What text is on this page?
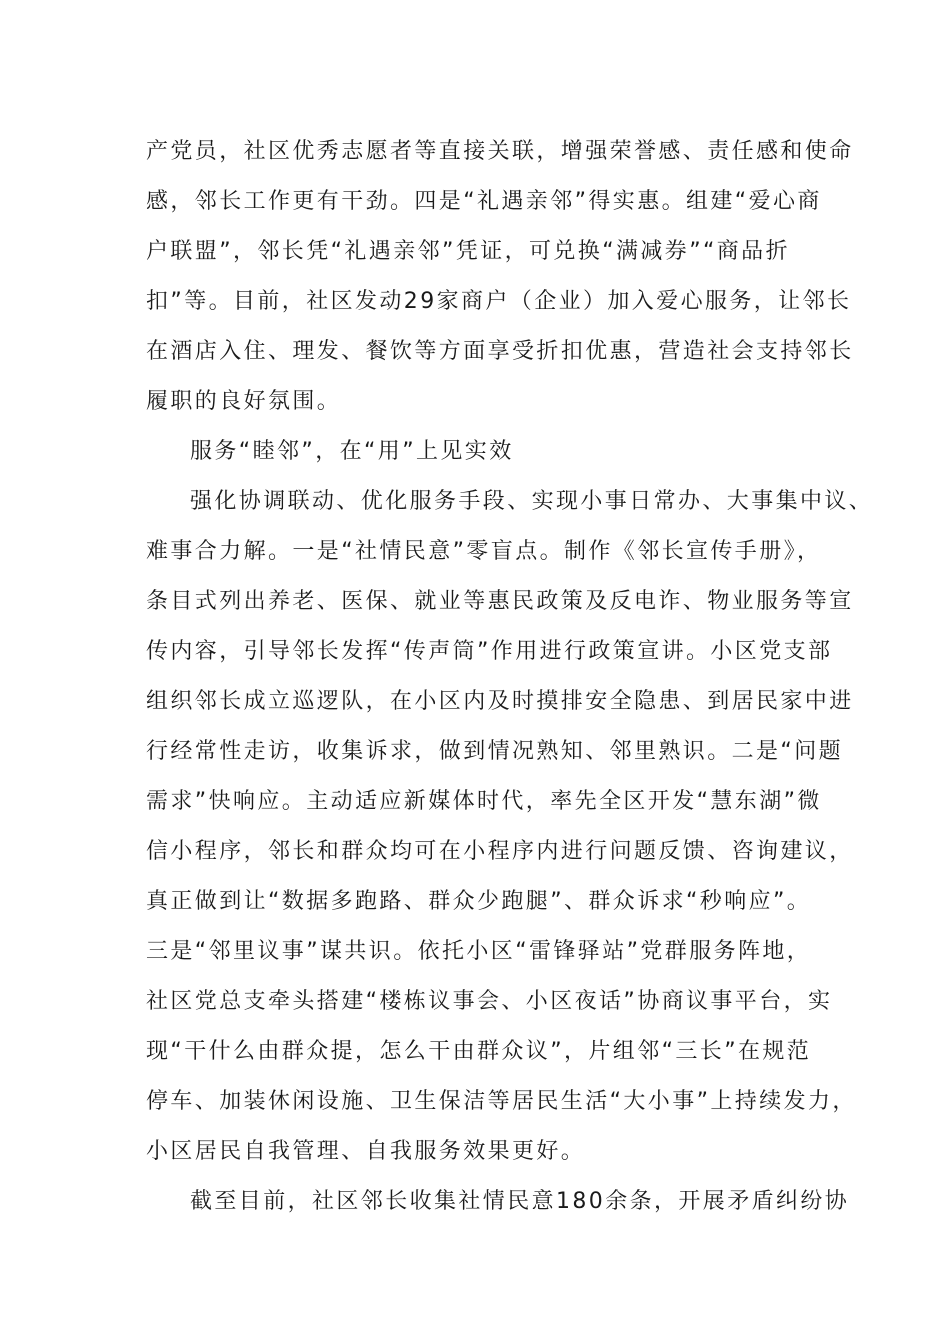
产党员，社区优秀志愿者等直接关联，增强荣誉感、责任感和使命
感，邻长工作更有干劲。四是“礼遇亲邻”得实惠。组建“爱心商
户联盟”，邻长凭“礼遇亲邻”凭证，可兑换“满减券”“商品折
扣”等。目前，社区发动29家商户（企业）加入爱心服务，让邻长
在酒店入住、理发、餐饮等方面享受折扣优惠，营造社会支持邻长
履职的良好氛围。
服务“睦邻”，在“用”上见实效
强化协调联动、优化服务手段、实现小事日常办、大事集中议、
难事合力解。一是“社情民意”零盲点。制作《邻长宣传手册》，
条目式列出养老、医保、就业等惠民政策及反电诈、物业服务等宣
传内容，引导邻长发挥“传声筒”作用进行政策宣讲。小区党支部
组织邻长成立巡逻队，在小区内及时摸排安全隐患、到居民家中进
行经常性走访，收集诉求，做到情况熟知、邻里熟识。二是“问题
需求”快响应。主动适应新媒体时代，率先全区开发“慧东湖”微
信小程序，邻长和群众均可在小程序内进行问题反馈、咨询建议，
真正做到让“数据多跑路、群众少跑腿”、群众诉求“秒响应”。
三是“邻里议事”谋共识。依托小区“雷锋驿站”党群服务阵地，
社区党总支牵头搭建“楼栋议事会、小区夜话”协商议事平台，实
现“干什么由群众提，怎么干由群众议”，片组邻“三长”在规范
停车、加装休闲设施、卫生保洁等居民生活“大小事”上持续发力，
小区居民自我管理、自我服务效果更好。
截至目前，社区邻长收集社情民意180余条，开展矛盾纠纷协
